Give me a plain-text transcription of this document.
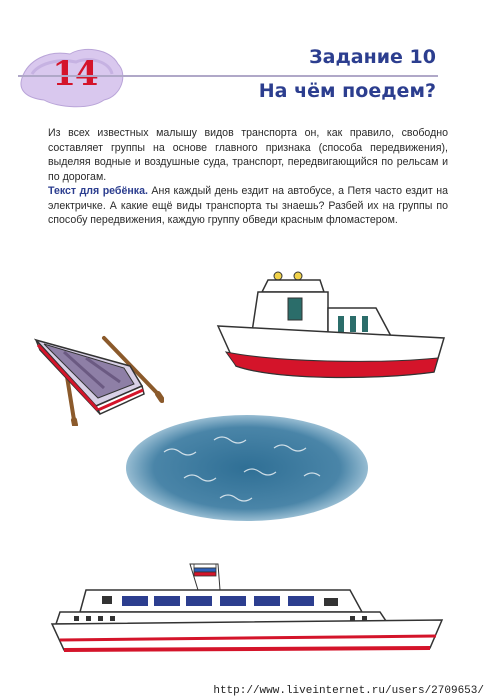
14	Задание 10
На чём поедем?

Из всех известных малышу видов транспорта он, как правило, свободно составляет группы на основе главного признака (способа передвижения), выделяя водные и воздушные суда, транспорт, передвигающийся по рельсам и по дорогам.

Текст для ребёнка. Аня каждый день ездит на автобусе, а Петя часто ездит на электричке. А какие ещё виды транспорта ты знаешь? Разбей их на группы по способу передвижения, каждую группу обведи красным фломастером.

http://www.liveinternet.ru/users/2709653/
